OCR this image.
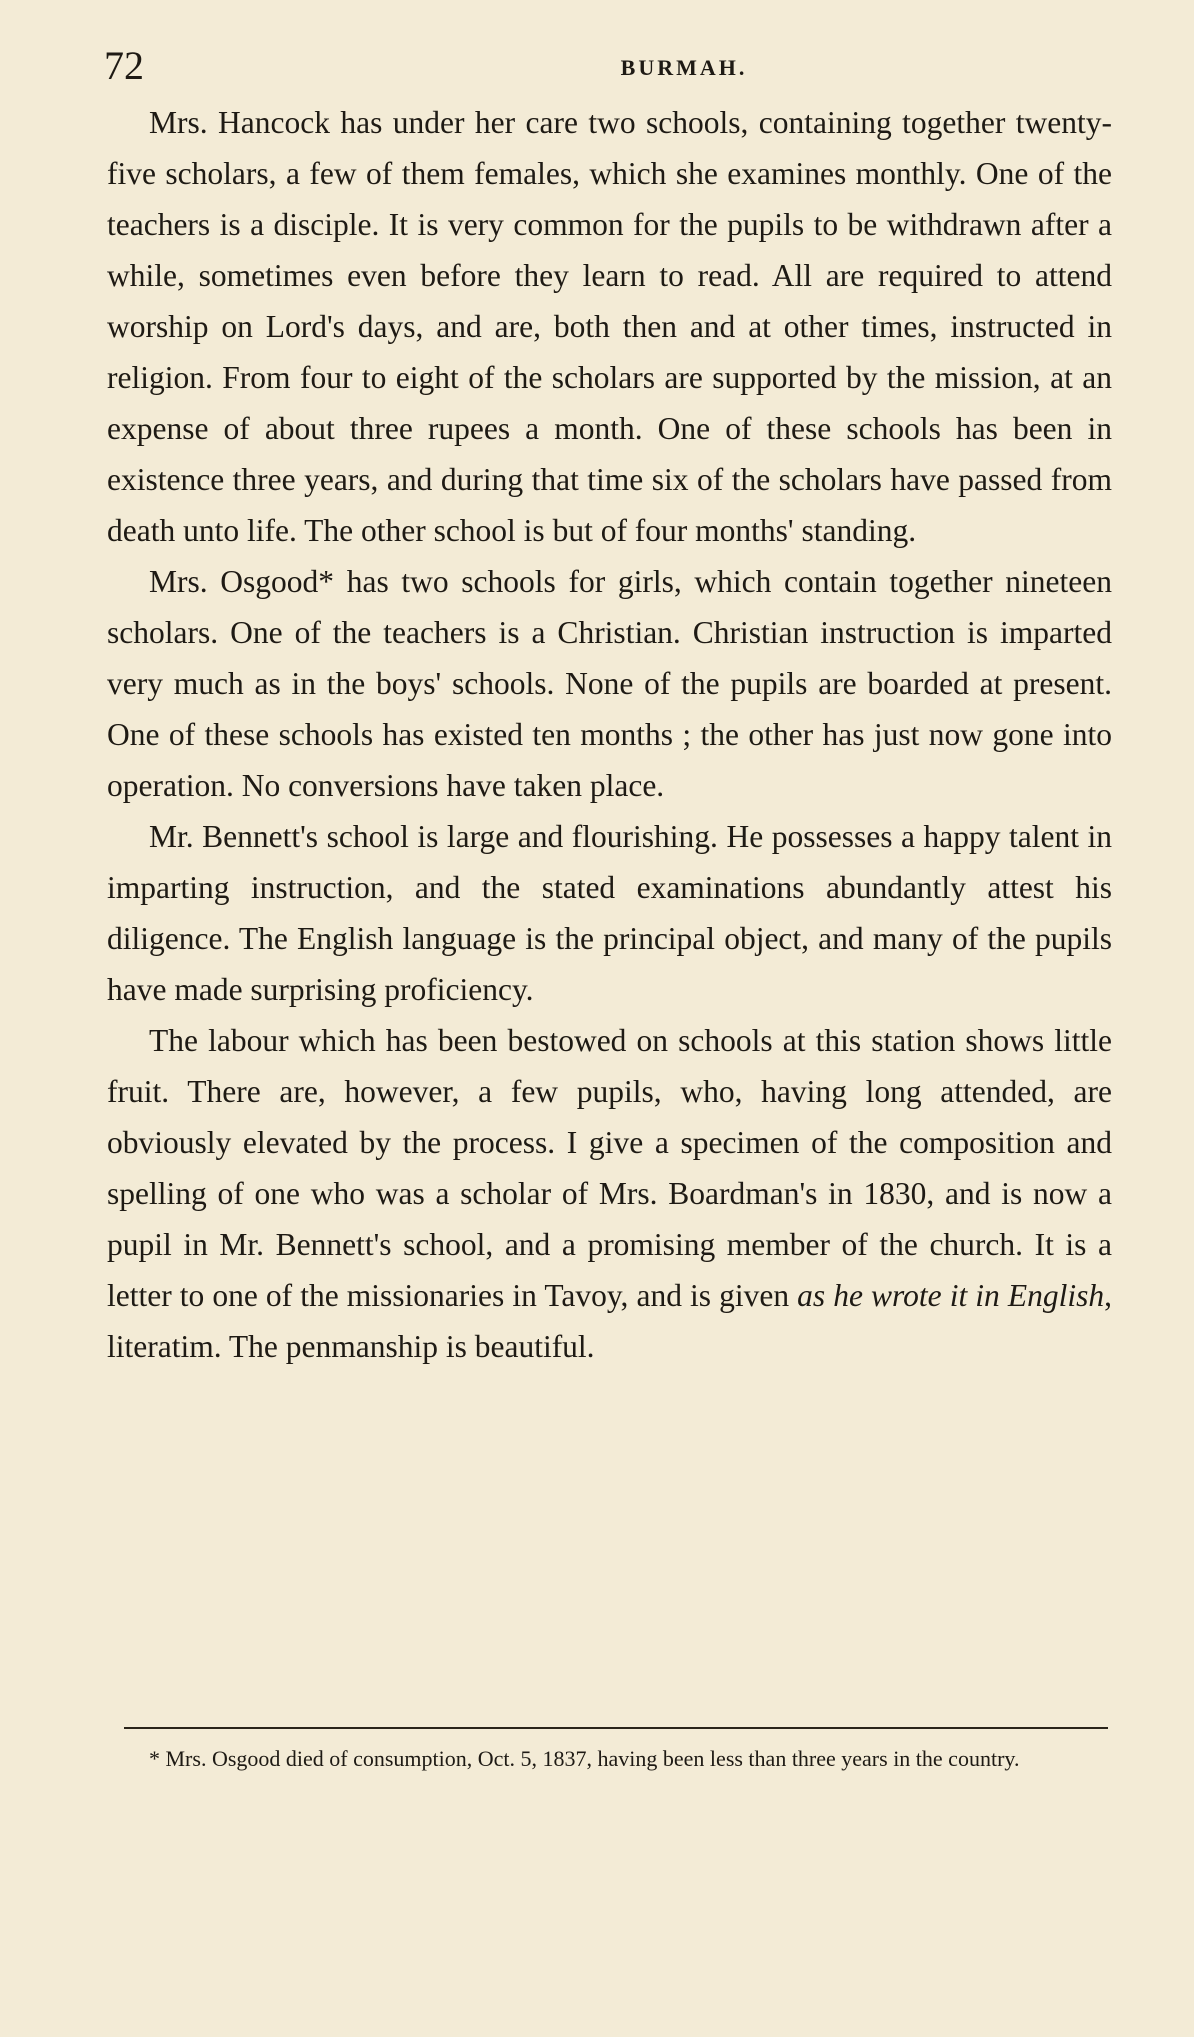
72	BURMAH.

Mrs. Hancock has under her care two schools, containing together twenty-five scholars, a few of them females, which she examines monthly. One of the teachers is a disciple. It is very common for the pupils to be withdrawn after a while, sometimes even before they learn to read. All are required to attend worship on Lord's days, and are, both then and at other times, instructed in religion. From four to eight of the scholars are supported by the mission, at an expense of about three rupees a month. One of these schools has been in existence three years, and during that time six of the scholars have passed from death unto life. The other school is but of four months' standing.

Mrs. Osgood* has two schools for girls, which contain together nineteen scholars. One of the teachers is a Christian. Christian instruction is imparted very much as in the boys' schools. None of the pupils are boarded at present. One of these schools has existed ten months ; the other has just now gone into operation. No conversions have taken place.

Mr. Bennett's school is large and flourishing. He possesses a happy talent in imparting instruction, and the stated examinations abundantly attest his diligence. The English language is the principal object, and many of the pupils have made surprising proficiency.

The labour which has been bestowed on schools at this station shows little fruit. There are, however, a few pupils, who, having long attended, are obviously elevated by the process. I give a specimen of the composition and spelling of one who was a scholar of Mrs. Boardman's in 1830, and is now a pupil in Mr. Bennett's school, and a promising member of the church. It is a letter to one of the missionaries in Tavoy, and is given as he wrote it in English, literatim. The penmanship is beautiful.

* Mrs. Osgood died of consumption, Oct. 5, 1837, having been less than three years in the country.
